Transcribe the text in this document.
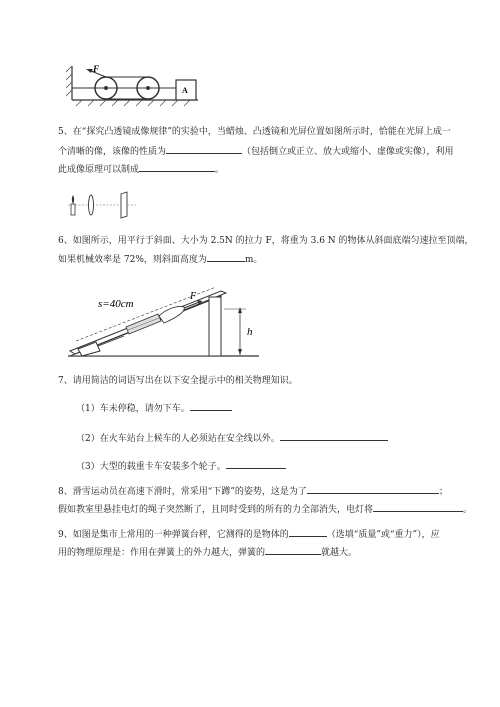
F
A
5、在“探究凸透镜成像规律”的实验中，当蜡烛、凸透镜和光屏位置如图所示时，恰能在光屏上成一
个清晰的像，该像的性质为	（包括倒立或正立、放大或缩小、虚像或实像），利用
此成像原理可以制成	。
6、如图所示，用平行于斜面、大小为 2.5N 的拉力 F，将重为 3.6 N 的物体从斜面底端匀速拉至顶端，
如果机械效率是 72%，则斜面高度为	m。
s=40cm
F
h
7、请用简洁的词语写出在以下安全提示中的相关物理知识。
（1）车未停稳，请勿下车。
（2）在火车站台上候车的人必须站在安全线以外。
（3）大型的载重卡车安装多个轮子。
8、滑雪运动员在高速下滑时，常采用“下蹲”的姿势，这是为了	；
假如教室里悬挂电灯的绳子突然断了，且同时受到的所有的力全部消失，电灯将	。
9、如图是集市上常用的一种弹簧台秤，它测得的是物体的	（选填“质量”或“重力”），应
用的物理原理是：作用在弹簧上的外力越大，弹簧的	就越大。
